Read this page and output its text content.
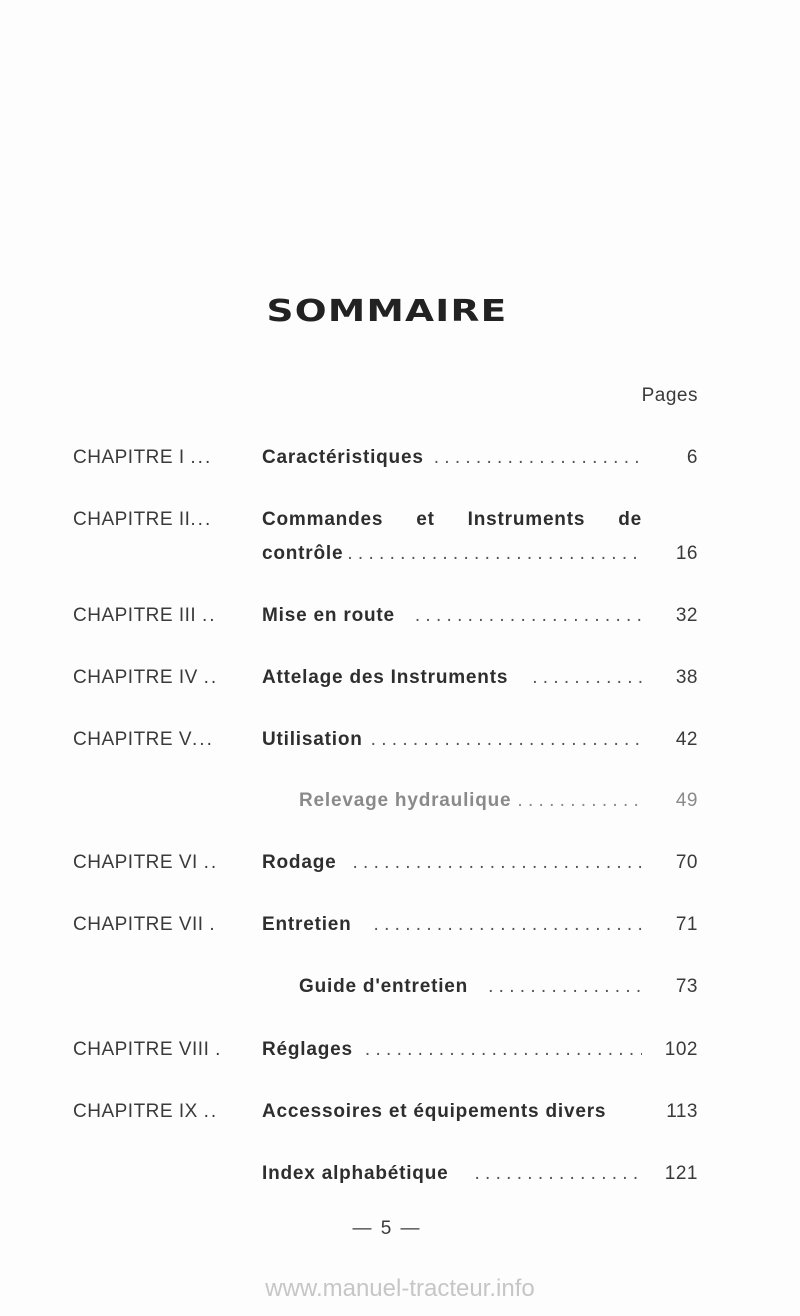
SOMMAIRE
Pages
CHAPITRE I ...	Caractéristiques . . .	6
CHAPITRE II...	Commandes et Instruments de
contrôle . . .	16
CHAPITRE III .. Mise en route . . .	32
CHAPITRE IV .. Attelage des Instruments . . .	38
CHAPITRE V...	Utilisation . . .	42
Relevage hydraulique . . .	49
CHAPITRE VI .. Rodage . . .	70
CHAPITRE VII . Entretien . . .	71
Guide d'entretien . . .	73
CHAPITRE VIII . Réglages . . .	102
CHAPITRE IX .. Accessoires et équipements divers	113
Index alphabétique . . .	121
— 5 —
www.manuel-tracteur.info
